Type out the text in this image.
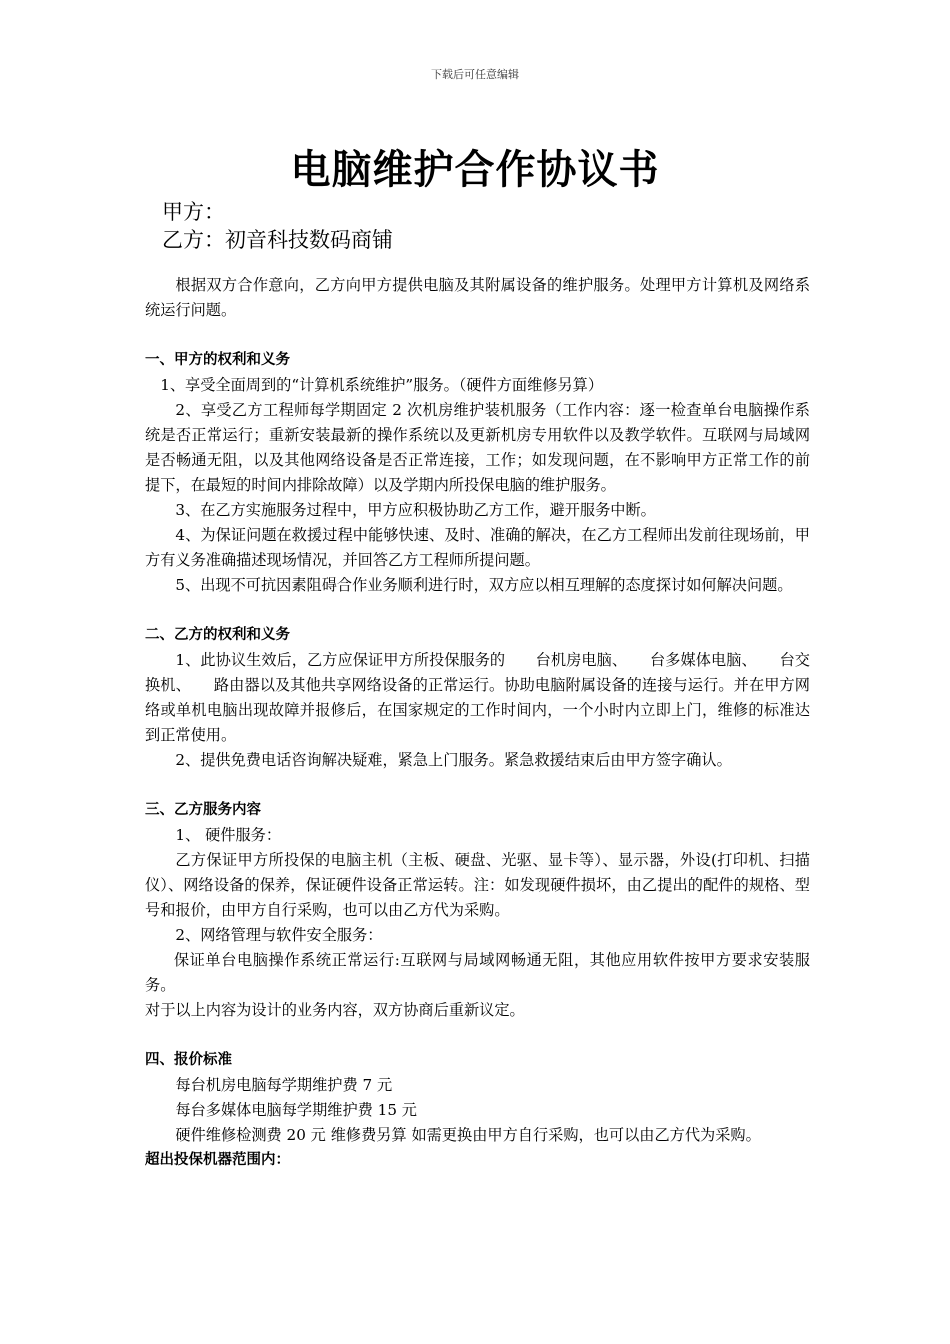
下载后可任意编辑
电脑维护合作协议书
甲方：
乙方：初音科技数码商铺

根据双方合作意向，乙方向甲方提供电脑及其附属设备的维护服务。处理甲方计算机及网络系统运行问题。

一、甲方的权利和义务

1、享受全面周到的“计算机系统维护”服务。（硬件方面维修另算）

2、享受乙方工程师每学期固定 2 次机房维护装机服务（工作内容：逐一检查单台电脑操作系统是否正常运行；重新安装最新的操作系统以及更新机房专用软件以及教学软件。互联网与局域网是否畅通无阻，以及其他网络设备是否正常连接，工作；如发现问题，在不影响甲方正常工作的前提下，在最短的时间内排除故障）以及学期内所投保电脑的维护服务。

3、在乙方实施服务过程中，甲方应积极协助乙方工作，避开服务中断。

4、为保证问题在救援过程中能够快速、及时、准确的解决，在乙方工程师出发前往现场前，甲方有义务准确描述现场情况，并回答乙方工程师所提问题。

5、出现不可抗因素阻碍合作业务顺利进行时，双方应以相互理解的态度探讨如何解决问题。

二、乙方的权利和义务

1、此协议生效后，乙方应保证甲方所投保服务的　　台机房电脑、　　台多媒体电脑、　　台交换机、　　路由器以及其他共享网络设备的正常运行。协助电脑附属设备的连接与运行。并在甲方网络或单机电脑出现故障并报修后，在国家规定的工作时间内，一个小时内立即上门，维修的标准达到正常使用。

2、提供免费电话咨询解决疑难，紧急上门服务。紧急救援结束后由甲方签字确认。

三、乙方服务内容

1、 硬件服务：

乙方保证甲方所投保的电脑主机（主板、硬盘、光驱、显卡等）、显示器，外设(打印机、扫描仪）、网络设备的保养，保证硬件设备正常运转。注：如发现硬件损坏，由乙提出的配件的规格、型号和报价，由甲方自行采购，也可以由乙方代为采购。

2、网络管理与软件安全服务：

保证单台电脑操作系统正常运行:互联网与局域网畅通无阻，其他应用软件按甲方要求安装服务。

对于以上内容为设计的业务内容，双方协商后重新议定。

四、报价标准

每台机房电脑每学期维护费 7 元

每台多媒体电脑每学期维护费 15 元

硬件维修检测费 20 元 维修费另算 如需更换由甲方自行采购，也可以由乙方代为采购。

超出投保机器范围内：
